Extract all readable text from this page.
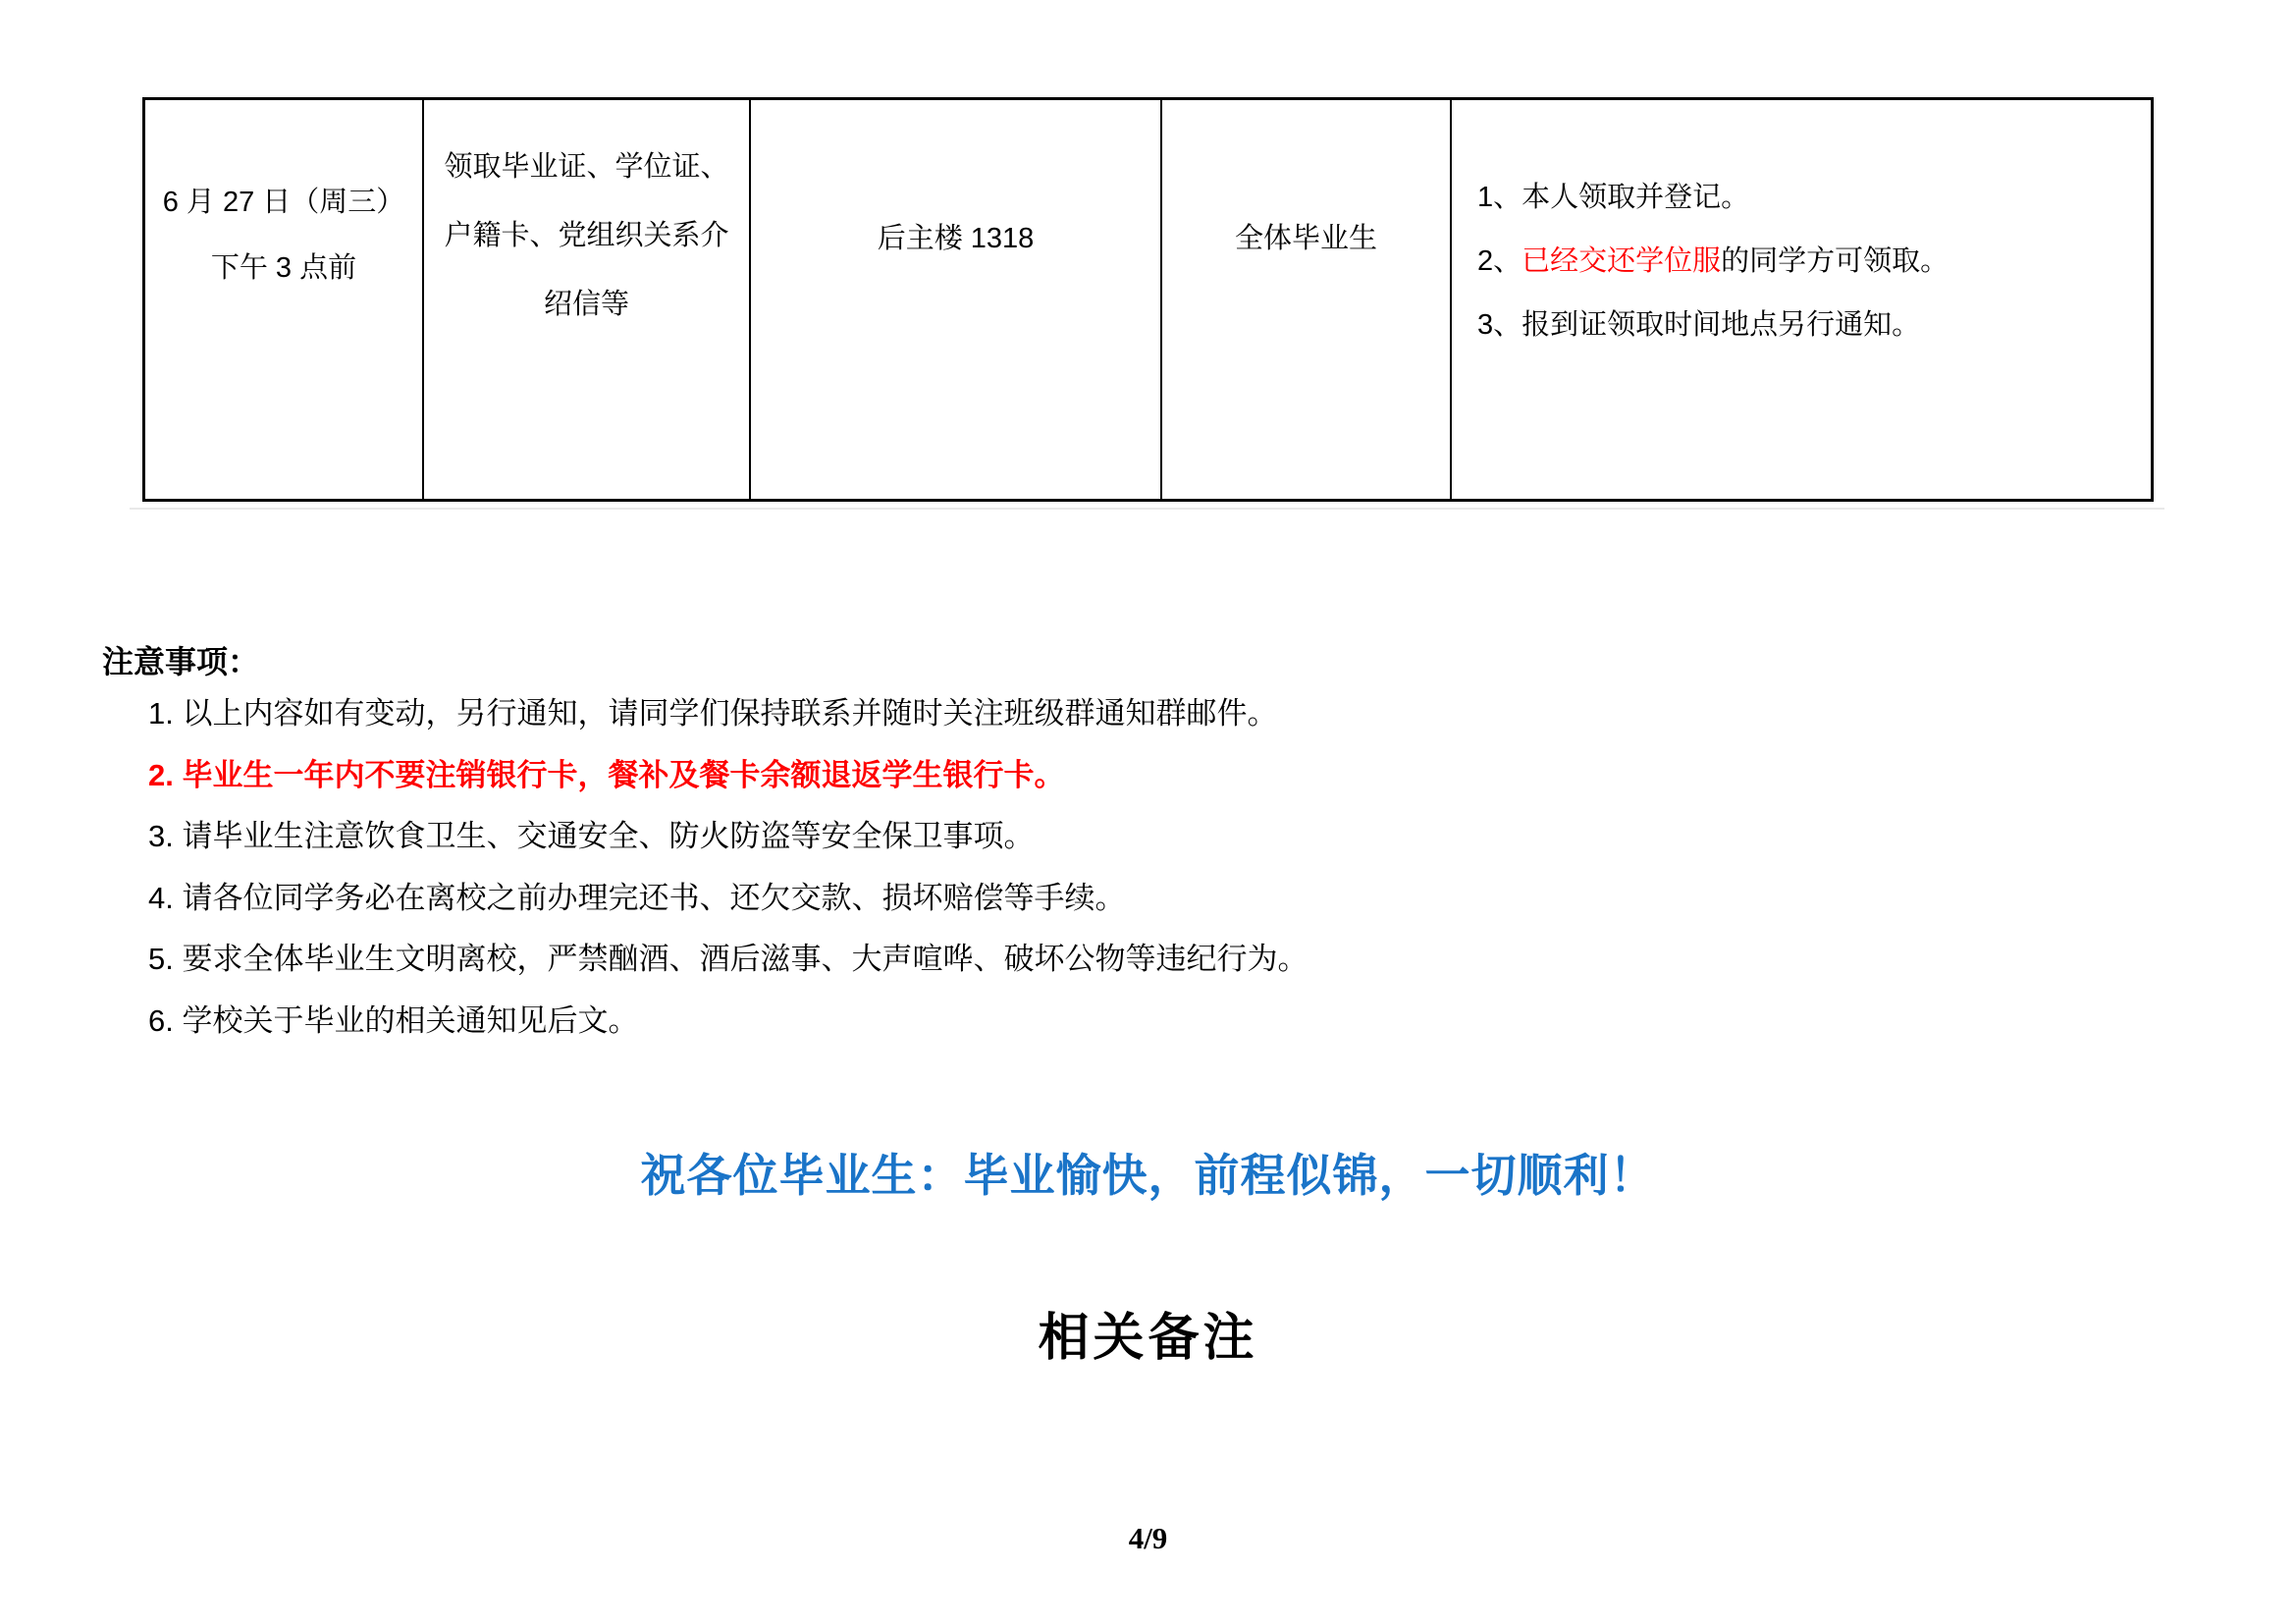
6 月 27 日（周三）
下午 3 点前
领取毕业证、学位证、
户籍卡、党组织关系介
绍信等
后主楼 1318	全体毕业生
1、本人领取并登记。
2、已经交还学位服的同学方可领取。
3、报到证领取时间地点另行通知。
注意事项：
1. 以上内容如有变动，另行通知，请同学们保持联系并随时关注班级群通知群邮件。
2. 毕业生一年内不要注销银行卡，餐补及餐卡余额退返学生银行卡。
3. 请毕业生注意饮食卫生、交通安全、防火防盗等安全保卫事项。
4. 请各位同学务必在离校之前办理完还书、还欠交款、损坏赔偿等手续。
5. 要求全体毕业生文明离校，严禁酗酒、酒后滋事、大声喧哗、破坏公物等违纪行为。
6. 学校关于毕业的相关通知见后文。
祝各位毕业生：毕业愉快，前程似锦，一切顺利！
相关备注
4/9
